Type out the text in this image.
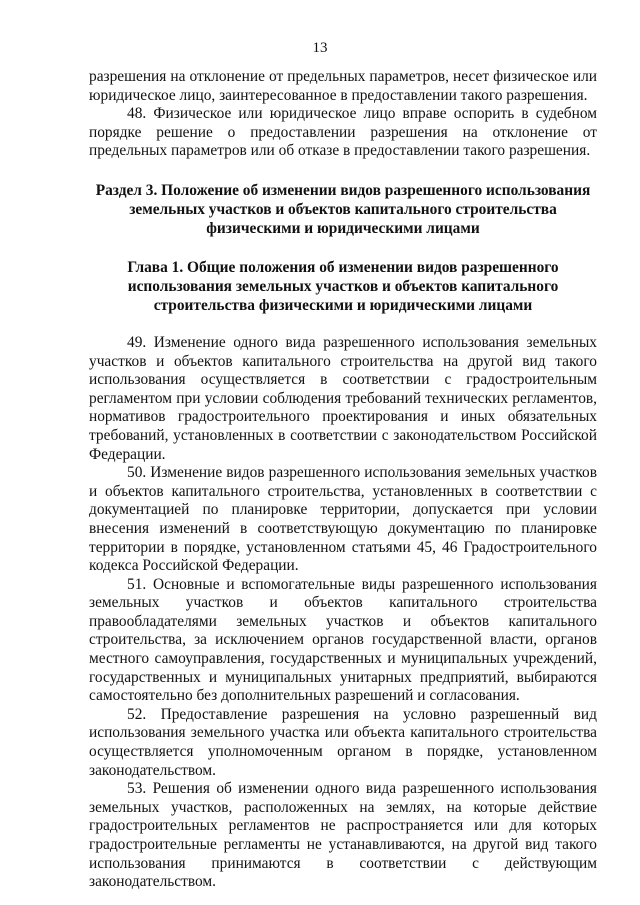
13

разрешения на отклонение от предельных параметров, несет физическое или юридическое лицо, заинтересованное в предоставлении такого разрешения.

48. Физическое или юридическое лицо вправе оспорить в судебном порядке решение о предоставлении разрешения на отклонение от предельных параметров или об отказе в предоставлении такого разрешения.

Раздел 3. Положение об изменении видов разрешенного использования земельных участков и объектов капитального строительства физическими и юридическими лицами

Глава 1. Общие положения об изменении видов разрешенного использования земельных участков и объектов капитального строительства физическими и юридическими лицами

49. Изменение одного вида разрешенного использования земельных участков и объектов капитального строительства на другой вид такого использования осуществляется в соответствии с градостроительным регламентом при условии соблюдения требований технических регламентов, нормативов градостроительного проектирования и иных обязательных требований, установленных в соответствии с законодательством Российской Федерации.

50. Изменение видов разрешенного использования земельных участков и объектов капитального строительства, установленных в соответствии с документацией по планировке территории, допускается при условии внесения изменений в соответствующую документацию по планировке территории в порядке, установленном статьями 45, 46 Градостроительного кодекса Российской Федерации.

51. Основные и вспомогательные виды разрешенного использования земельных участков и объектов капитального строительства правообладателями земельных участков и объектов капитального строительства, за исключением органов государственной власти, органов местного самоуправления, государственных и муниципальных учреждений, государственных и муниципальных унитарных предприятий, выбираются самостоятельно без дополнительных разрешений и согласования.

52. Предоставление разрешения на условно разрешенный вид использования земельного участка или объекта капитального строительства осуществляется уполномоченным органом в порядке, установленном законодательством.

53. Решения об изменении одного вида разрешенного использования земельных участков, расположенных на землях, на которые действие градостроительных регламентов не распространяется или для которых градостроительные регламенты не устанавливаются, на другой вид такого использования принимаются в соответствии с действующим законодательством.
